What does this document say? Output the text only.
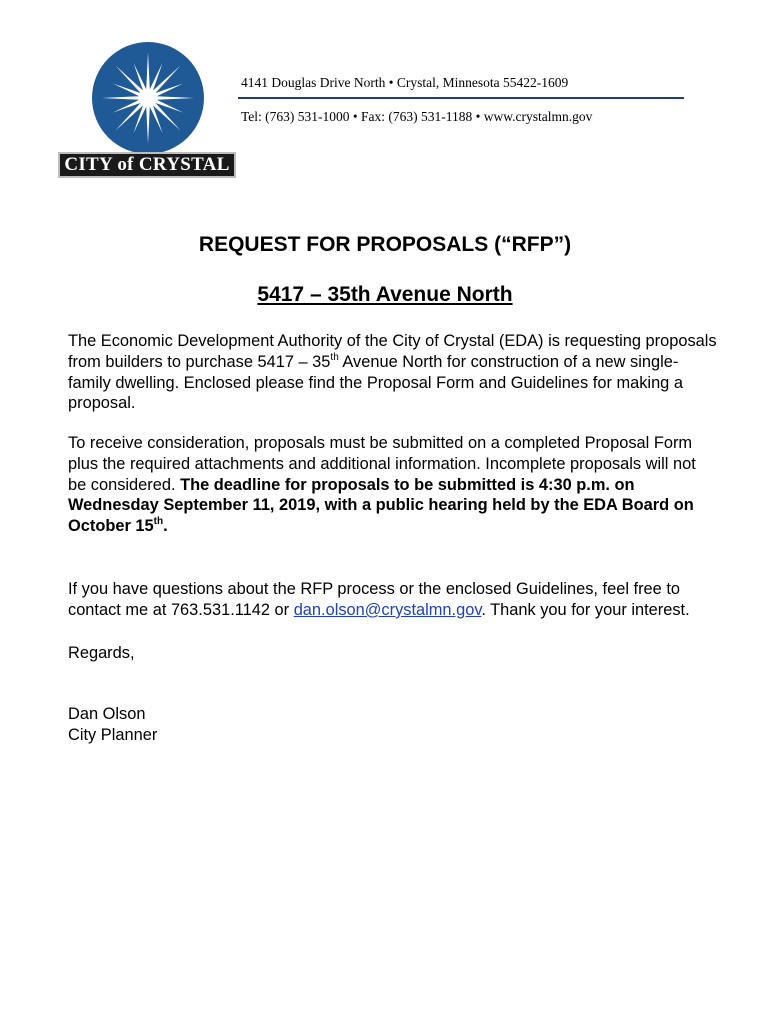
CITY of CRYSTAL
4141 Douglas Drive North • Crystal, Minnesota 55422-1609
Tel: (763) 531-1000 • Fax: (763) 531-1188 • www.crystalmn.gov
REQUEST FOR PROPOSALS (“RFP”)
5417 – 35th Avenue North
The Economic Development Authority of the City of Crystal (EDA) is requesting proposals from builders to purchase 5417 – 35th Avenue North for construction of a new single-family dwelling. Enclosed please find the Proposal Form and Guidelines for making a proposal.
To receive consideration, proposals must be submitted on a completed Proposal Form plus the required attachments and additional information. Incomplete proposals will not be considered. The deadline for proposals to be submitted is 4:30 p.m. on Wednesday September 11, 2019, with a public hearing held by the EDA Board on October 15th.
If you have questions about the RFP process or the enclosed Guidelines, feel free to contact me at 763.531.1142 or dan.olson@crystalmn.gov. Thank you for your interest.
Regards,
Dan Olson
City Planner
